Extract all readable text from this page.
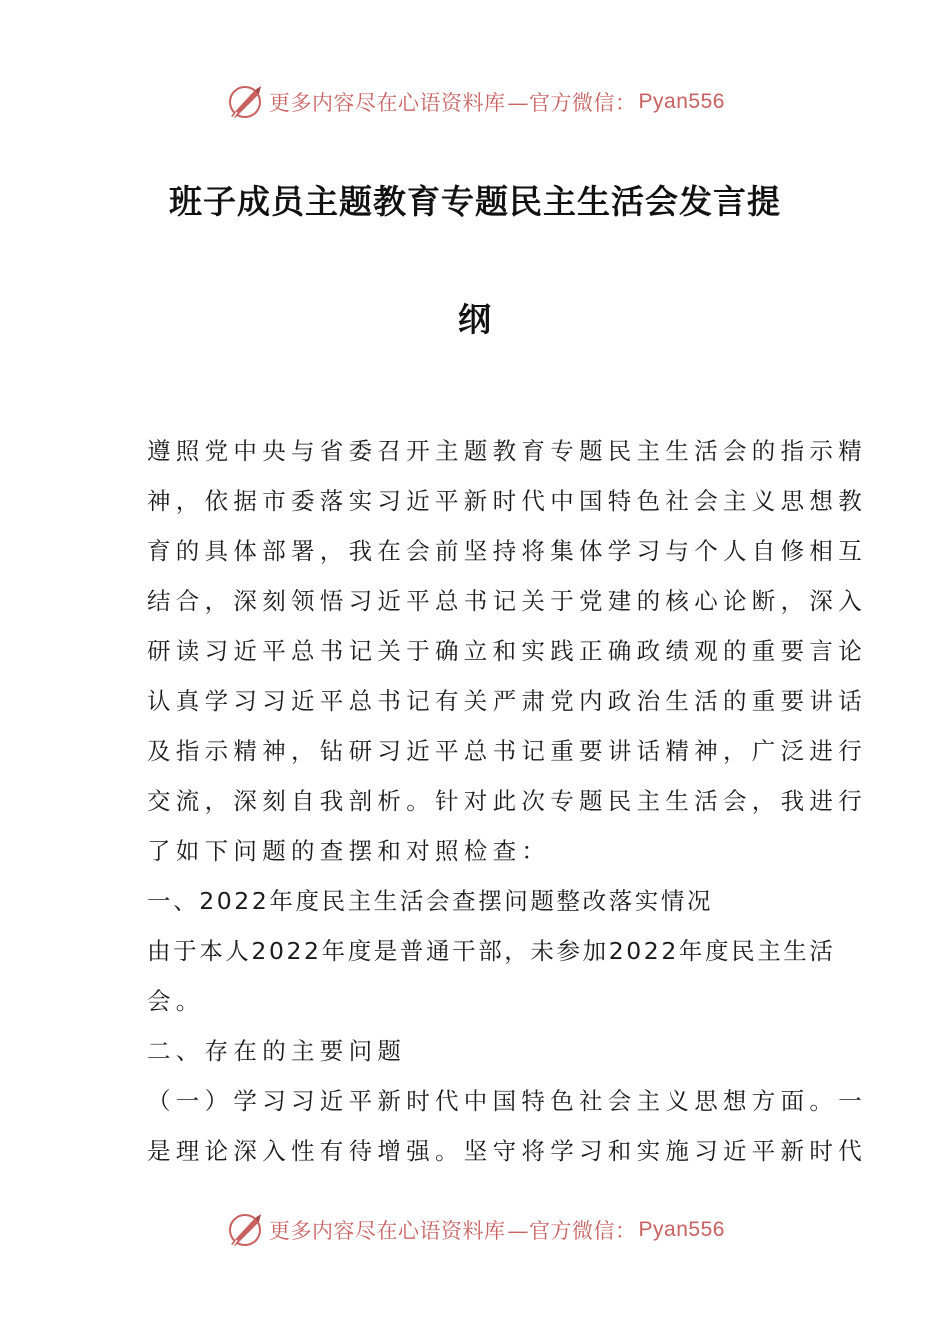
更多内容尽在心语资料库 —官方微信： Pyan556
班子成员主题教育专题民主生活会发言提
纲
遵照党中央与省委召开主题教育专题民主生活会的指示精
神，依据市委落实习近平新时代中国特色社会主义思想教
育的具体部署，我在会前坚持将集体学习与个人自修相互
结合，深刻领悟习近平总书记关于党建的核心论断，深入
研读习近平总书记关于确立和实践正确政绩观的重要言论
认真学习习近平总书记有关严肃党内政治生活的重要讲话
及指示精神，钻研习近平总书记重要讲话精神，广泛进行
交流，深刻自我剖析。针对此次专题民主生活会，我进行
了如下问题的查摆和对照检查：
一、2022年度民主生活会查摆问题整改落实情况
由于本人2022年度是普通干部，未参加2022年度民主生活
会。
二、存在的主要问题
（一）学习习近平新时代中国特色社会主义思想方面。一
是理论深入性有待增强。坚守将学习和实施习近平新时代
更多内容尽在心语资料库 —官方微信： Pyan556
